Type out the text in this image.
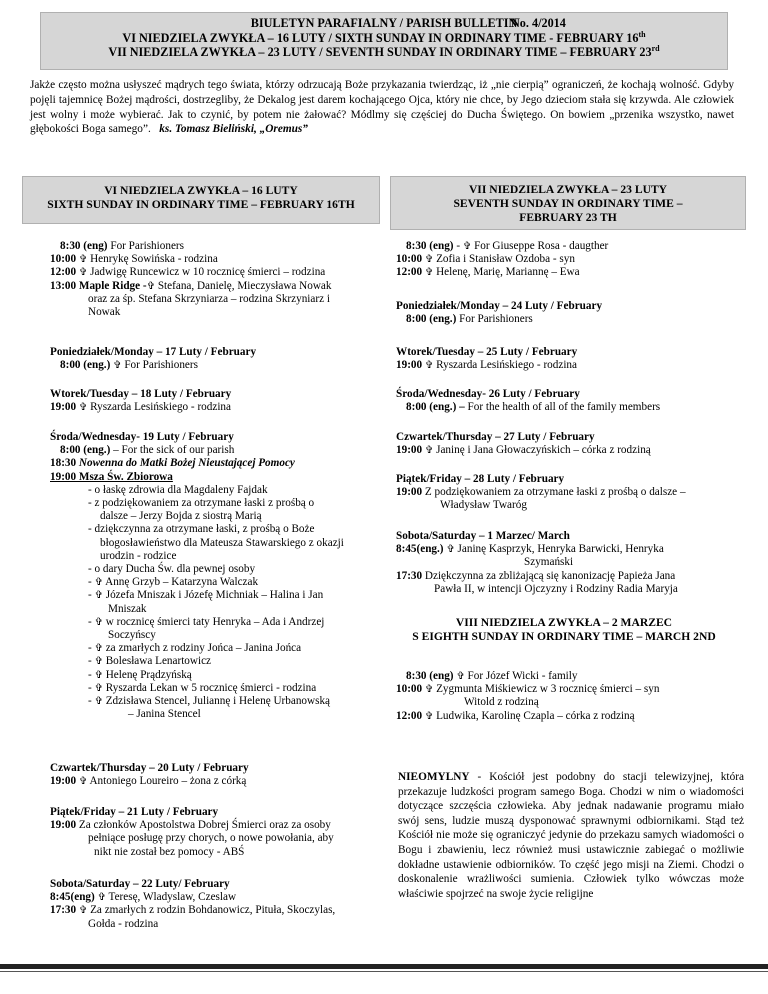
BIULETYN PARAFIALNY / PARISH BULLETIN
No. 4/2014
VI NIEDZIELA ZWYKŁA – 16 LUTY / SIXTH SUNDAY IN ORDINARY TIME - FEBRUARY 16th
VII NIEDZIELA ZWYKŁA – 23 LUTY / SEVENTH SUNDAY IN ORDINARY TIME – FEBRUARY 23rd
Jakże często można usłyszeć mądrych tego świata, którzy odrzucają Boże przykazania twierdząc, iż „nie cierpią” ograniczeń, że kochają wolność. Gdyby pojęli tajemnicę Bożej mądrości, dostrzegliby, że Dekalog jest darem kochającego Ojca, który nie chce, by Jego dzieciom stała się krzywda. Ale człowiek jest wolny i może wybierać. Jak to czynić, by potem nie żałować? Módlmy się częściej do Ducha Świętego. On bowiem „przenika wszystko, nawet głębokości Boga samego”. ks. Tomasz Bieliński, „Oremus”
VI NIEDZIELA ZWYKŁA – 16 LUTY
SIXTH SUNDAY IN ORDINARY TIME – FEBRUARY 16TH
VII NIEDZIELA ZWYKŁA – 23 LUTY
SEVENTH SUNDAY IN ORDINARY TIME –
FEBRUARY 23 TH
8:30 (eng) For Parishioners
10:00 ✞ Henrykę Sowińska - rodzina
12:00 ✞ Jadwigę Runcewicz w 10 rocznicę śmierci – rodzina
13:00 Maple Ridge -✞ Stefana, Danielę, Mieczysława Nowak
oraz za śp. Stefana Skrzyniarza – rodzina Skrzyniarz i
Nowak
Poniedziałek/Monday – 17 Luty / February
8:00 (eng.) ✞ For Parishioners
Wtorek/Tuesday – 18 Luty / February
19:00 ✞ Ryszarda Lesińskiego - rodzina
Środa/Wednesday- 19 Luty / February
8:00 (eng.) – For the sick of our parish
18:30 Nowenna do Matki Bożej Nieustającej Pomocy
19:00 Msza Św. Zbiorowa
- o łaskę zdrowia dla Magdaleny Fajdak
- z podziękowaniem za otrzymane łaski z prośbą o
dalsze – Jerzy Bojda z siostrą Marią
- dziękczynna za otrzymane łaski, z prośbą o Boże
błogosławieństwo dla Mateusza Stawarskiego z okazji
urodzin - rodzice
- o dary Ducha Św. dla pewnej osoby
- ✞ Annę Grzyb – Katarzyna Walczak
- ✞ Józefa Mniszak i Józefę Michniak – Halina i Jan
Mniszak
- ✞ w rocznicę śmierci taty Henryka – Ada i Andrzej
Soczyńscy
- ✞ za zmarłych z rodziny Jońca – Janina Jońca
- ✞ Bolesława Lenartowicz
- ✞ Helenę Prądzyńską
- ✞ Ryszarda Lekan w 5 rocznicę śmierci - rodzina
- ✞ Zdzisława Stencel, Juliannę i Helenę Urbanowską
– Janina Stencel
Czwartek/Thursday – 20 Luty / February
19:00 ✞ Antoniego Loureiro – żona z córką
Piątek/Friday – 21 Luty / February
19:00 Za członków Apostolstwa Dobrej Śmierci oraz za osoby
pełniące posługę przy chorych, o nowe powołania, aby
nikt nie został bez pomocy - ABŚ
Sobota/Saturday – 22 Luty/ February
8:45(eng) ✞ Teresę, Wladyslaw, Czeslaw
17:30 ✞ Za zmarłych z rodzin Bohdanowicz, Pituła, Skoczylas,
Gołda - rodzina
8:30 (eng) - ✞ For Giuseppe Rosa - daugther
10:00 ✞ Zofia i Stanisław Ozdoba - syn
12:00 ✞ Helenę, Marię, Mariannę – Ewa
Poniedziałek/Monday – 24 Luty / February
8:00 (eng.) For Parishioners
Wtorek/Tuesday – 25 Luty / February
19:00 ✞ Ryszarda Lesińskiego - rodzina
Środa/Wednesday- 26 Luty / February
8:00 (eng.) – For the health of all of the family members
Czwartek/Thursday – 27 Luty / February
19:00 ✞ Janinę i Jana Głowaczyńskich – córka z rodziną
Piątek/Friday – 28 Luty / February
19:00 Z podziękowaniem za otrzymane łaski z prośbą o dalsze –
Władysław Twaróg
Sobota/Saturday – 1 Marzec/ March
8:45(eng.) ✞ Janinę Kasprzyk, Henryka Barwicki, Henryka
Szymański
17:30 Dziękczynna za zbliżającą się kanonizację Papieża Jana
Pawła II, w intencji Ojczyzny i Rodziny Radia Maryja
VIII NIEDZIELA ZWYKŁA – 2 MARZEC
S EIGHTH SUNDAY IN ORDINARY TIME – MARCH 2ND
8:30 (eng) ✞ For Józef Wicki - family
10:00 ✞ Zygmunta Miśkiewicz w 3 rocznicę śmierci – syn
Witold z rodziną
12:00 ✞ Ludwika, Karolinę Czapla – córka z rodziną
NIEOMYLNY - Kościół jest podobny do stacji telewizyjnej, która przekazuje ludzkości program samego Boga. Chodzi w nim o wiadomości dotyczące szczęścia człowieka. Aby jednak nadawanie programu miało swój sens, ludzie muszą dysponować sprawnymi odbiornikami. Stąd też Kościół nie może się ograniczyć jedynie do przekazu samych wiadomości o Bogu i zbawieniu, lecz również musi ustawicznie zabiegać o możliwie dokładne ustawienie odbiorników. To część jego misji na Ziemi. Chodzi o doskonalenie wrażliwości sumienia. Człowiek tylko wówczas może właściwie spojrzeć na swoje życie religijne
